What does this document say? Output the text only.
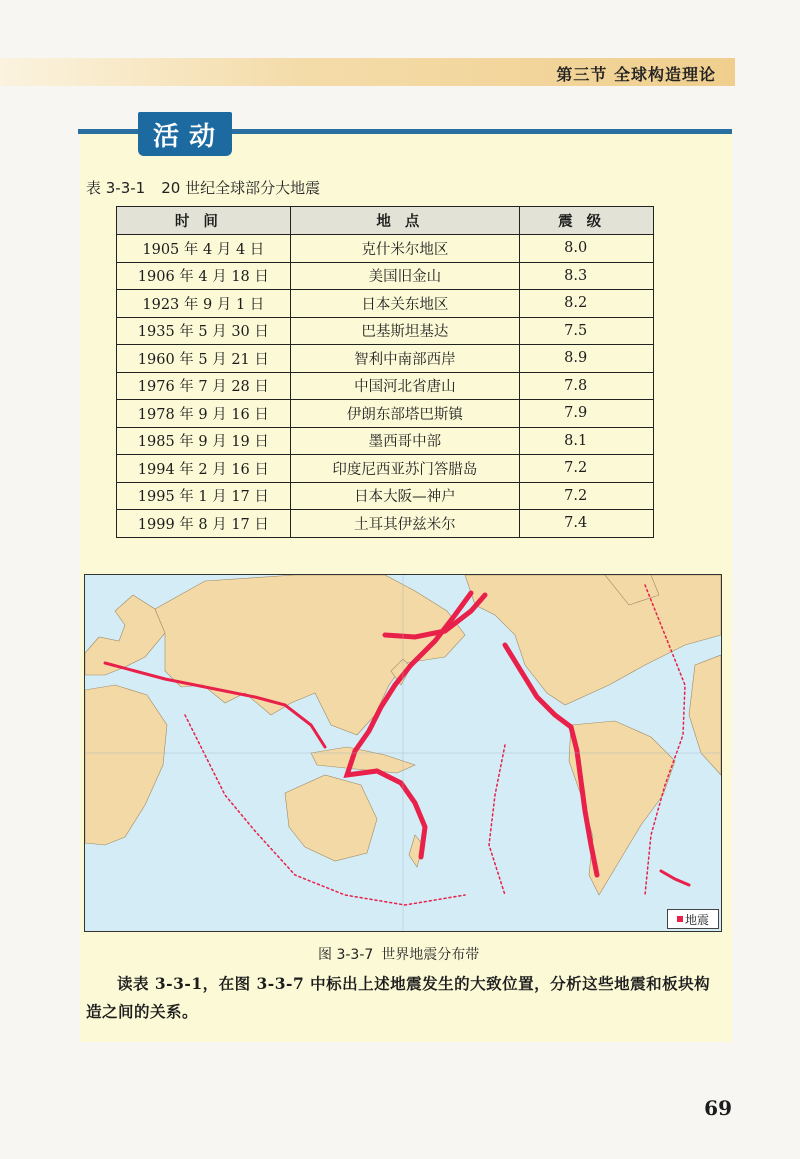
第三节 全球构造理论
活动
表 3-3-1 20 世纪全球部分大地震
时间	地点	震级
1905 年 4 月 4 日	克什米尔地区	8.0
1906 年 4 月 18 日	美国旧金山	8.3
1923 年 9 月 1 日	日本关东地区	8.2
1935 年 5 月 30 日	巴基斯坦基达	7.5
1960 年 5 月 21 日	智利中南部西岸	8.9
1976 年 7 月 28 日	中国河北省唐山	7.8
1978 年 9 月 16 日	伊朗东部塔巴斯镇	7.9
1985 年 9 月 19 日	墨西哥中部	8.1
1994 年 2 月 16 日	印度尼西亚苏门答腊岛	7.2
1995 年 1 月 17 日	日本大阪—神户	7.2
1999 年 8 月 17 日	土耳其伊兹米尔	7.4
地震
图 3-3-7 世界地震分布带
读表 3-3-1，在图 3-3-7 中标出上述地震发生的大致位置，分析这些地震和板块构造之间的关系。
69
